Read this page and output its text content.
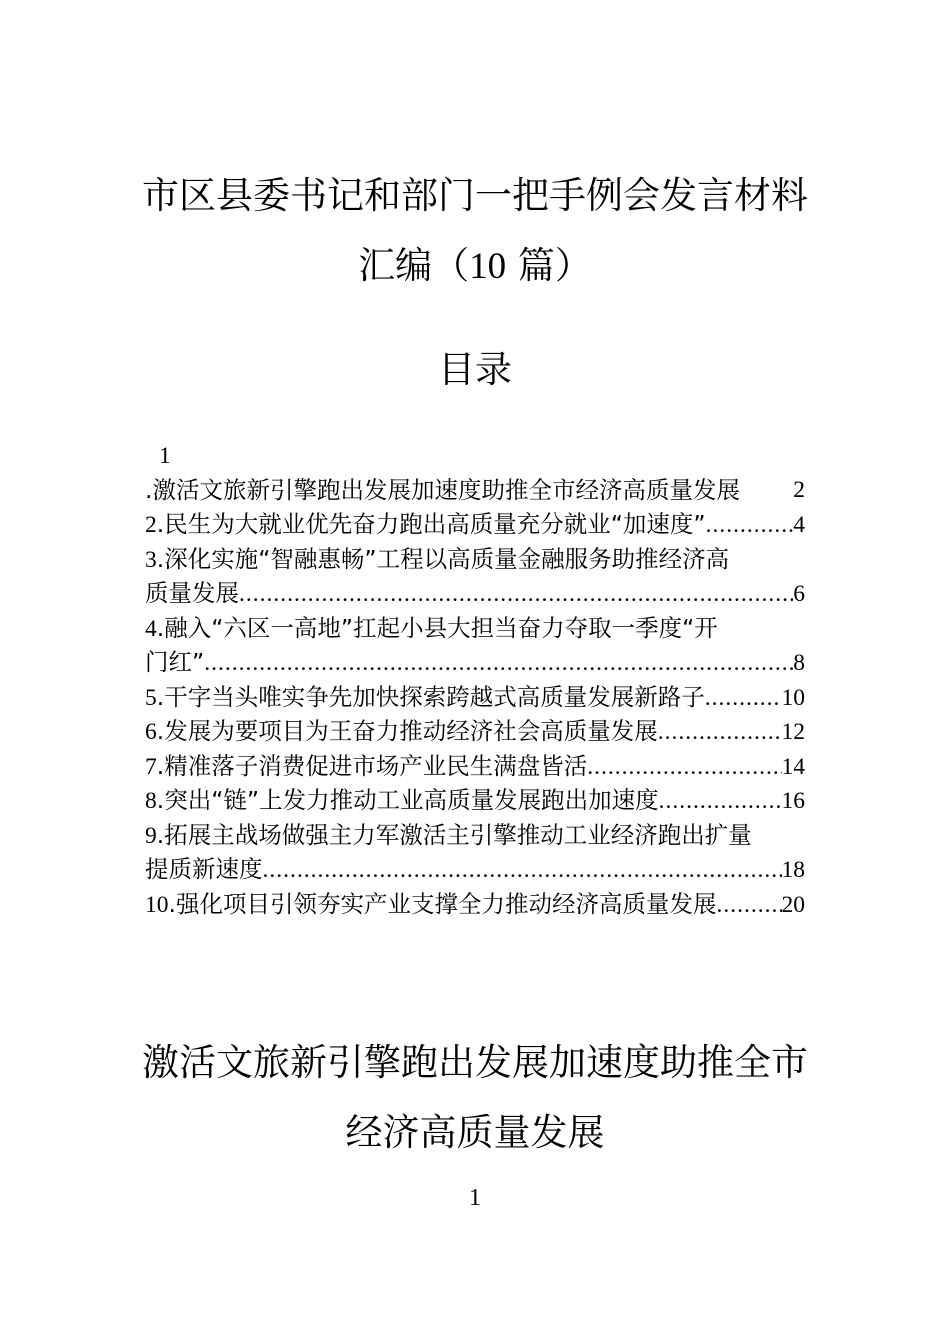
市区县委书记和部门一把手例会发言材料
汇编（10 篇）
目录
1
.激活文旅新引擎跑出发展加速度助推全市经济高质量发展 2
2.民生为大就业优先奋力跑出高质量充分就业“加速度” .....	4
3.深化实施“智融惠畅”工程以高质量金融服务助推经济高
质量发展 .....	6
4.融入“六区一高地”扛起小县大担当奋力夺取一季度“开
门红” .....	8
5.干字当头唯实争先加快探索跨越式高质量发展新路子 .....	10
6.发展为要项目为王奋力推动经济社会高质量发展 .....	12
7.精准落子消费促进市场产业民生满盘皆活 .....	14
8.突出“链”上发力推动工业高质量发展跑出加速度 .....	16
9.拓展主战场做强主力军激活主引擎推动工业经济跑出扩量
提质新速度 .....	18
10.强化项目引领夯实产业支撑全力推动经济高质量发展 .....	20
激活文旅新引擎跑出发展加速度助推全市
经济高质量发展
1
